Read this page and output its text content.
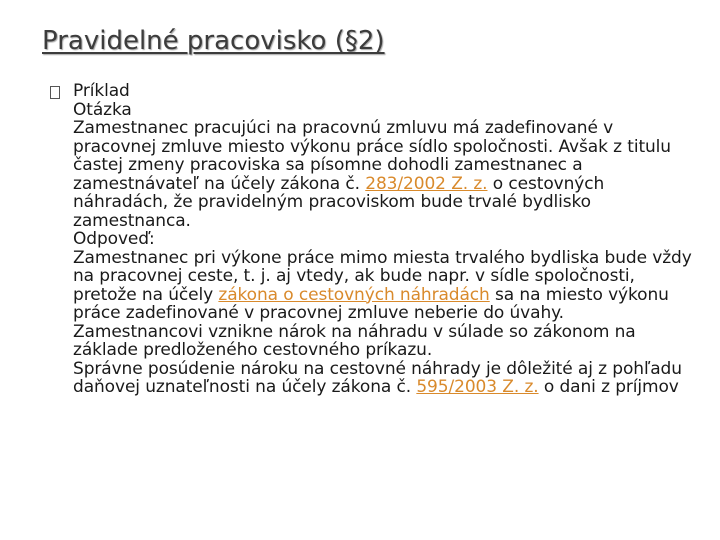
Pravidelné pracovisko (§2)

Príklad

Otázka

Zamestnanec pracujúci na pracovnú zmluvu má zadefinované v pracovnej zmluve miesto výkonu práce sídlo spoločnosti. Avšak z titulu častej zmeny pracoviska sa písomne dohodli zamestnanec a zamestnávateľ na účely zákona č. 283/2002 Z. z. o cestovných náhradách, že pravidelným pracoviskom bude trvalé bydlisko zamestnanca.

Odpoveď:

Zamestnanec pri výkone práce mimo miesta trvalého bydliska bude vždy na pracovnej ceste, t. j. aj vtedy, ak bude napr. v sídle spoločnosti, pretože na účely zákona o cestovných náhradách sa na miesto výkonu práce zadefinované v pracovnej zmluve neberie do úvahy. Zamestnancovi vznikne nárok na náhradu v súlade so zákonom na základe predloženého cestovného príkazu.

Správne posúdenie nároku na cestovné náhrady je dôležité aj z pohľadu daňovej uznateľnosti na účely zákona č. 595/2003 Z. z. o dani z príjmov
